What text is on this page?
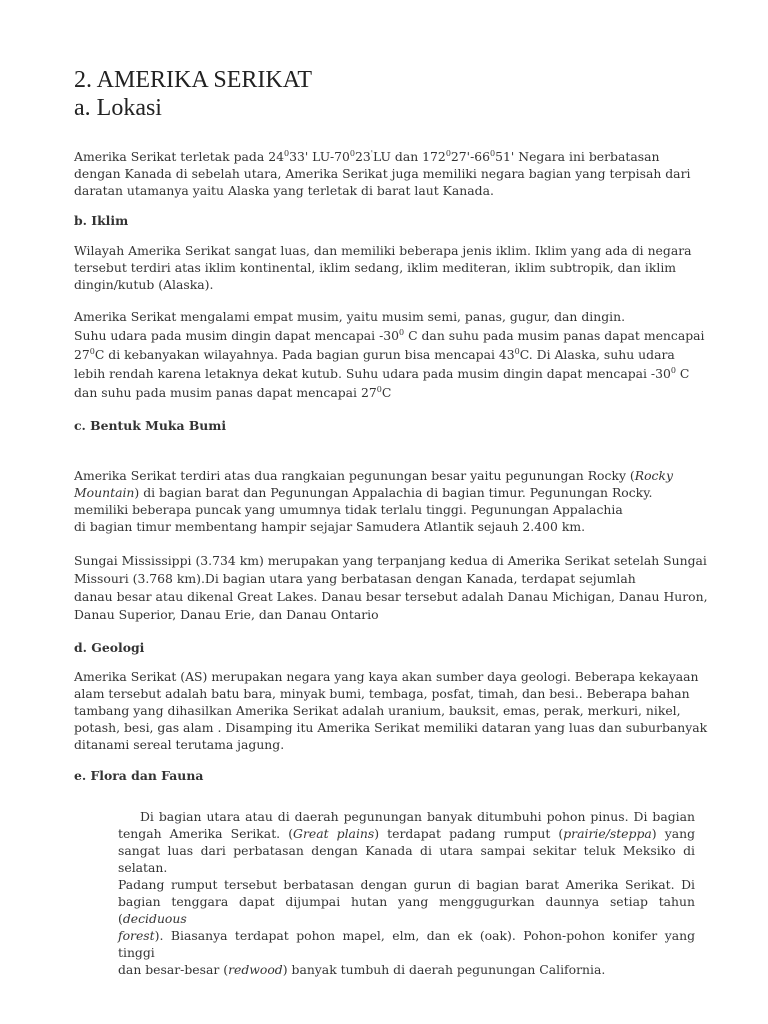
2. AMERIKA SERIKAT
a. Lokasi
Amerika Serikat terletak pada $24^033'$ $LU-70^023'LU$ dan $172^027'-66^051'$ Negara ini berbatasan
dengan Kanada di sebelah utara, Amerika Serikat juga memiliki negara bagian yang terpisah dari
daratan utamanya yaitu Alaska yang terletak di barat laut Kanada.
b. Iklim
Wilayah Amerika Serikat sangat luas, dan memiliki beberapa jenis iklim. Iklim yang ada di negara
tersebut terdiri atas iklim kontinental, iklim sedang, iklim mediteran, iklim subtropik, dan iklim
dingin/kutub (Alaska).
Amerika Serikat mengalami empat musim, yaitu musim semi, panas, gugur, dan dingin.
Suhu udara pada musim dingin dapat mencapai $-30^0$ C dan suhu pada musim panas dapat mencapai
$27^0C$ di kebanyakan wilayahnya. Pada bagian gurun bisa mencapai $43^0C$. Di Alaska, suhu udara
lebih rendah karena letaknya dekat kutub. Suhu udara pada musim dingin dapat mencapai $-30^0$ C
dan suhu pada musim panas dapat mencapai $27^0C$
c. Bentuk Muka Bumi
Amerika Serikat terdiri atas dua rangkaian pegunungan besar yaitu pegunungan Rocky (Rocky
Mountain) di bagian barat dan Pegunungan Appalachia di bagian timur. Pegunungan Rocky.
memiliki beberapa puncak yang umumnya tidak terlalu tinggi. Pegunungan Appalachia
di bagian timur membentang hampir sejajar Samudera Atlantik sejauh 2.400 km.
Sungai Mississippi (3.734 km) merupakan yang terpanjang kedua di Amerika Serikat setelah Sungai
Missouri (3.768 km).Di bagian utara yang berbatasan dengan Kanada, terdapat sejumlah
danau besar atau dikenal Great Lakes. Danau besar tersebut adalah Danau Michigan, Danau Huron,
Danau Superior, Danau Erie, dan Danau Ontario
d. Geologi
Amerika Serikat (AS) merupakan negara yang kaya akan sumber daya geologi. Beberapa kekayaan
alam tersebut adalah batu bara, minyak bumi, tembaga, posfat, timah, dan besi.. Beberapa bahan
tambang yang dihasilkan Amerika Serikat adalah uranium, bauksit, emas, perak, merkuri, nikel,
potash, besi, gas alam . Disamping itu Amerika Serikat memiliki dataran yang luas dan suburbanyak
ditanami sereal terutama jagung.
e. Flora dan Fauna
Di bagian utara atau di daerah pegunungan banyak ditumbuhi pohon pinus. Di bagian
tengah Amerika Serikat. (Great plains) terdapat padang rumput (prairie/steppa) yang
sangat luas dari perbatasan dengan Kanada di utara sampai sekitar teluk Meksiko di selatan.
Padang rumput tersebut berbatasan dengan gurun di bagian barat Amerika Serikat. Di
bagian tenggara dapat dijumpai hutan yang menggugurkan daunnya setiap tahun (deciduous
forest). Biasanya terdapat pohon mapel, elm, dan ek (oak). Pohon-pohon konifer yang tinggi
dan besar-besar (redwood) banyak tumbuh di daerah pegunungan California.
